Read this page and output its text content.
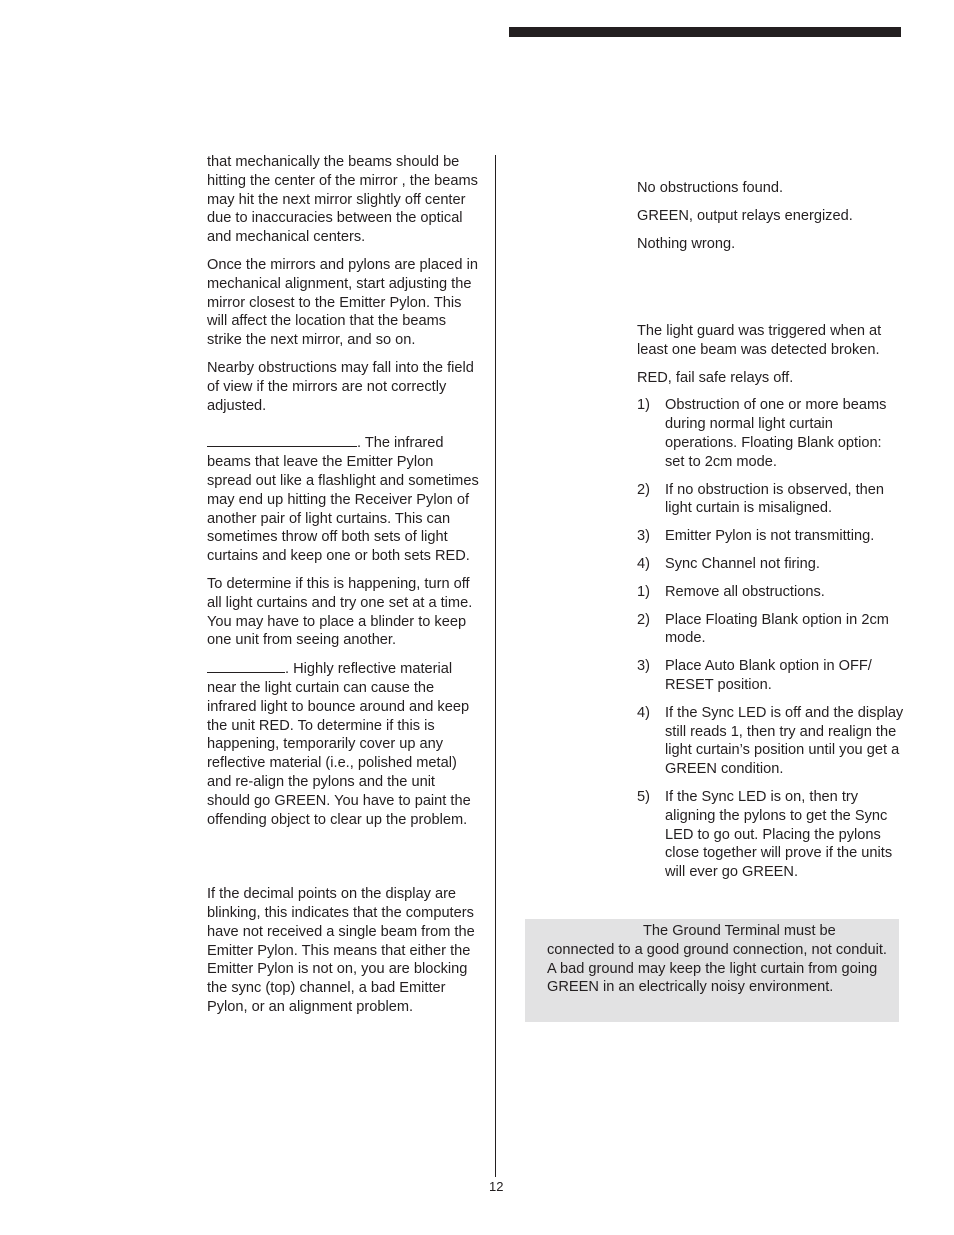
that mechanically the beams should be hitting the center of the mirror , the beams may hit the next mirror slightly off center due to inaccuracies between the optical and mechanical centers.

Once the mirrors and pylons are placed in mechanical alignment, start adjusting the mirror closest to the Emitter Pylon. This will affect the location that the beams strike the next mirror, and so on.

Nearby obstructions may fall into the field of view if the mirrors are not correctly adjusted.

. The infrared beams that leave the Emitter Pylon spread out like a flashlight and sometimes may end up hitting the Receiver Pylon of another pair of light curtains. This can sometimes throw off both sets of light curtains and keep one or both sets RED.

To determine if this is happening, turn off all light curtains and try one set at a time. You may have to place a blinder to keep one unit from seeing another.

. Highly reflective material near the light curtain can cause the infrared light to bounce around and keep the unit RED. To determine if this is happening, temporarily cover up any reflective material (i.e., polished metal) and re-align the pylons and the unit should go GREEN. You have to paint the offending object to clear up the problem.

If the decimal points on the display are blinking, this indicates that the computers have not received a single beam from the Emitter Pylon. This means that either the Emitter Pylon is not on, you are blocking the sync (top) channel, a bad Emitter Pylon, or an alignment problem.

No obstructions found.

GREEN, output relays energized.

Nothing wrong.

The light guard was triggered when at least one beam was detected broken.

RED, fail safe relays off.

1) Obstruction of one or more beams during normal light curtain operations. Floating Blank option: set to 2cm mode.
2) If no obstruction is observed, then light curtain is misaligned.
3) Emitter Pylon is not transmitting.
4) Sync Channel not firing.
1) Remove all obstructions.
2) Place Floating Blank option in 2cm mode.
3) Place Auto Blank option in OFF/ RESET position.
4) If the Sync LED is off and the display still reads 1, then try and realign the light curtain’s position until you get a GREEN condition.
5) If the Sync LED is on, then try aligning the pylons to get the Sync LED to go out. Placing the pylons close together will prove if the units will ever go GREEN.
The Ground Terminal must be connected to a good ground connection, not conduit. A bad ground may keep the light curtain from going GREEN in an electrically noisy environment.
12
